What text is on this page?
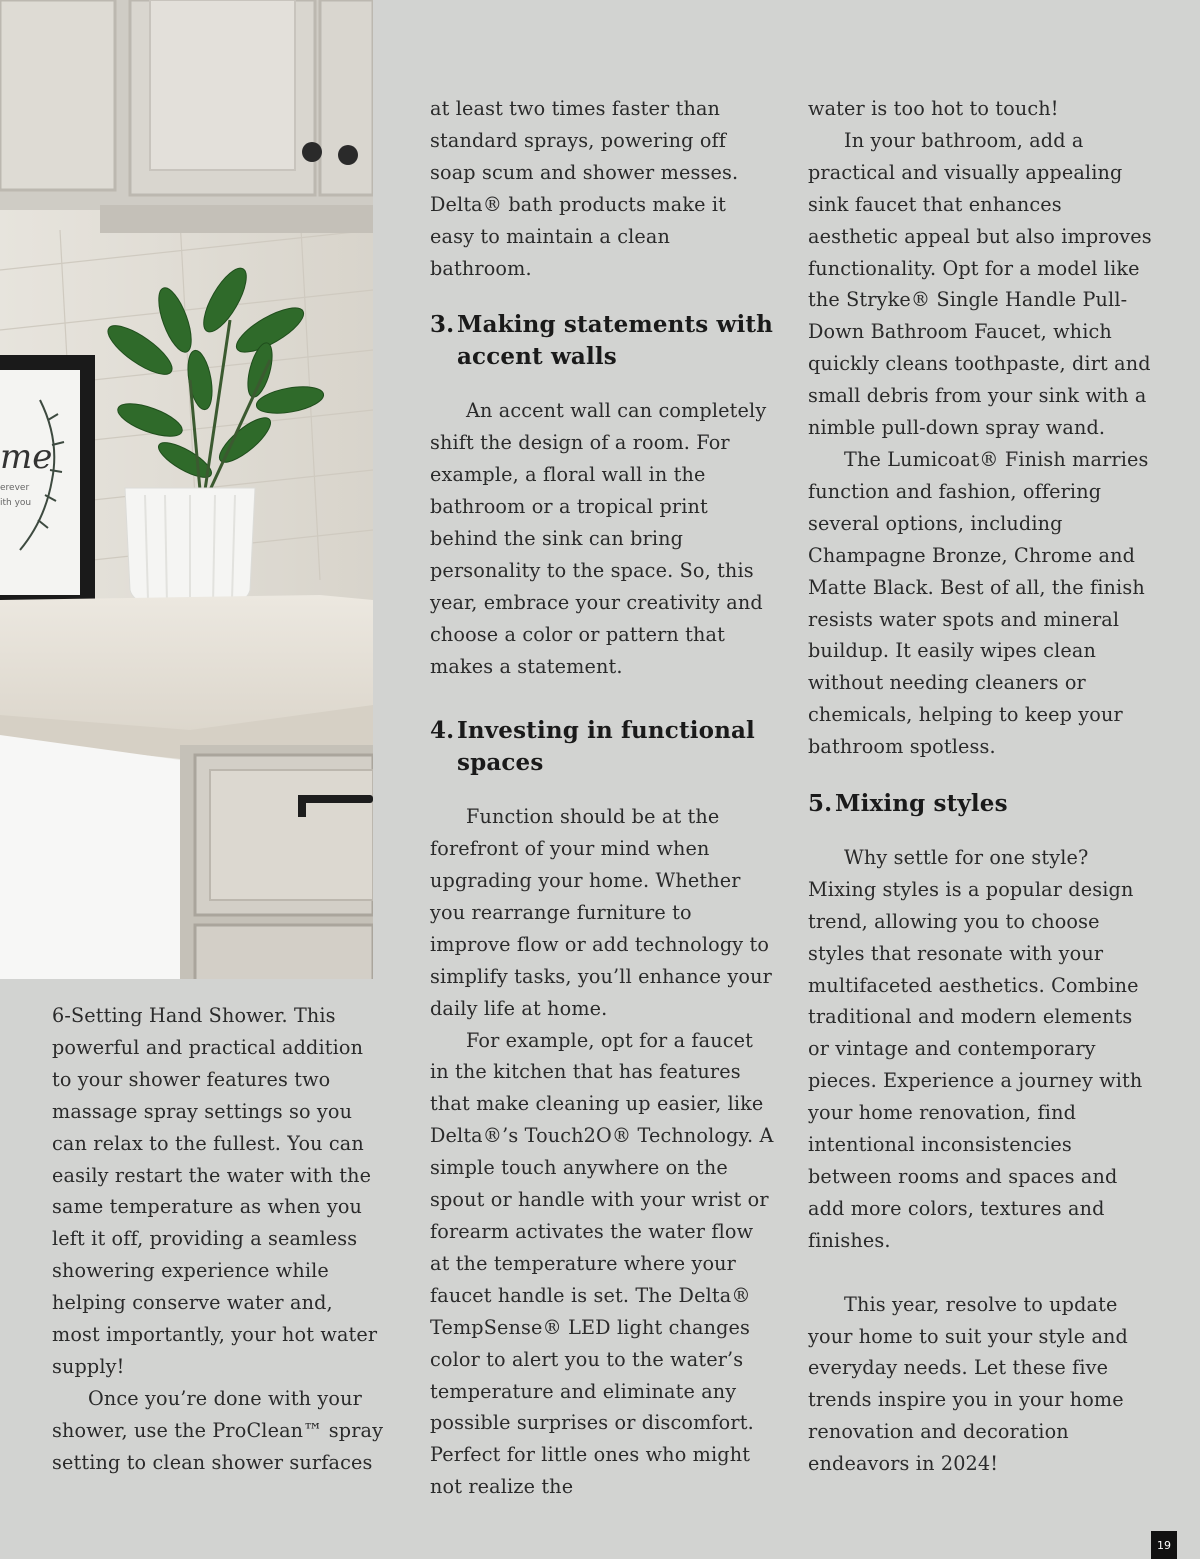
me
erever
ith you

6-Setting Hand Shower. This powerful and practical addition to your shower features two massage spray settings so you can relax to the fullest. You can easily restart the water with the same temperature as when you left it off, providing a seamless showering experience while helping conserve water and, most importantly, your hot water supply!

Once you’re done with your shower, use the ProClean™ spray setting to clean shower surfaces

at least two times faster than standard sprays, powering off soap scum and shower messes. Delta® bath products make it easy to maintain a clean bathroom.

3. Making statements with accent walls

An accent wall can completely shift the design of a room. For example, a floral wall in the bathroom or a tropical print behind the sink can bring personality to the space. So, this year, embrace your creativity and choose a color or pattern that makes a statement.

4. Investing in functional spaces

Function should be at the forefront of your mind when upgrading your home. Whether you rearrange furniture to improve flow or add technology to simplify tasks, you’ll enhance your daily life at home.

For example, opt for a faucet in the kitchen that has features that make cleaning up easier, like Delta®’s Touch2O® Technology. A simple touch anywhere on the spout or handle with your wrist or forearm activates the water flow at the temperature where your faucet handle is set. The Delta® TempSense® LED light changes color to alert you to the water’s temperature and eliminate any possible surprises or discomfort. Perfect for little ones who might not realize the

water is too hot to touch!

In your bathroom, add a practical and visually appealing sink faucet that enhances aesthetic appeal but also improves functionality. Opt for a model like the Stryke® Single Handle Pull-Down Bathroom Faucet, which quickly cleans toothpaste, dirt and small debris from your sink with a nimble pull-down spray wand.

The Lumicoat® Finish marries function and fashion, offering several options, including Champagne Bronze, Chrome and Matte Black. Best of all, the finish resists water spots and mineral buildup. It easily wipes clean without needing cleaners or chemicals, helping to keep your bathroom spotless.

5. Mixing styles

Why settle for one style? Mixing styles is a popular design trend, allowing you to choose styles that resonate with your multifaceted aesthetics. Combine traditional and modern elements or vintage and contemporary pieces. Experience a journey with your home renovation, find intentional inconsistencies between rooms and spaces and add more colors, textures and finishes.

This year, resolve to update your home to suit your style and everyday needs. Let these five trends inspire you in your home renovation and decoration endeavors in 2024!

19
